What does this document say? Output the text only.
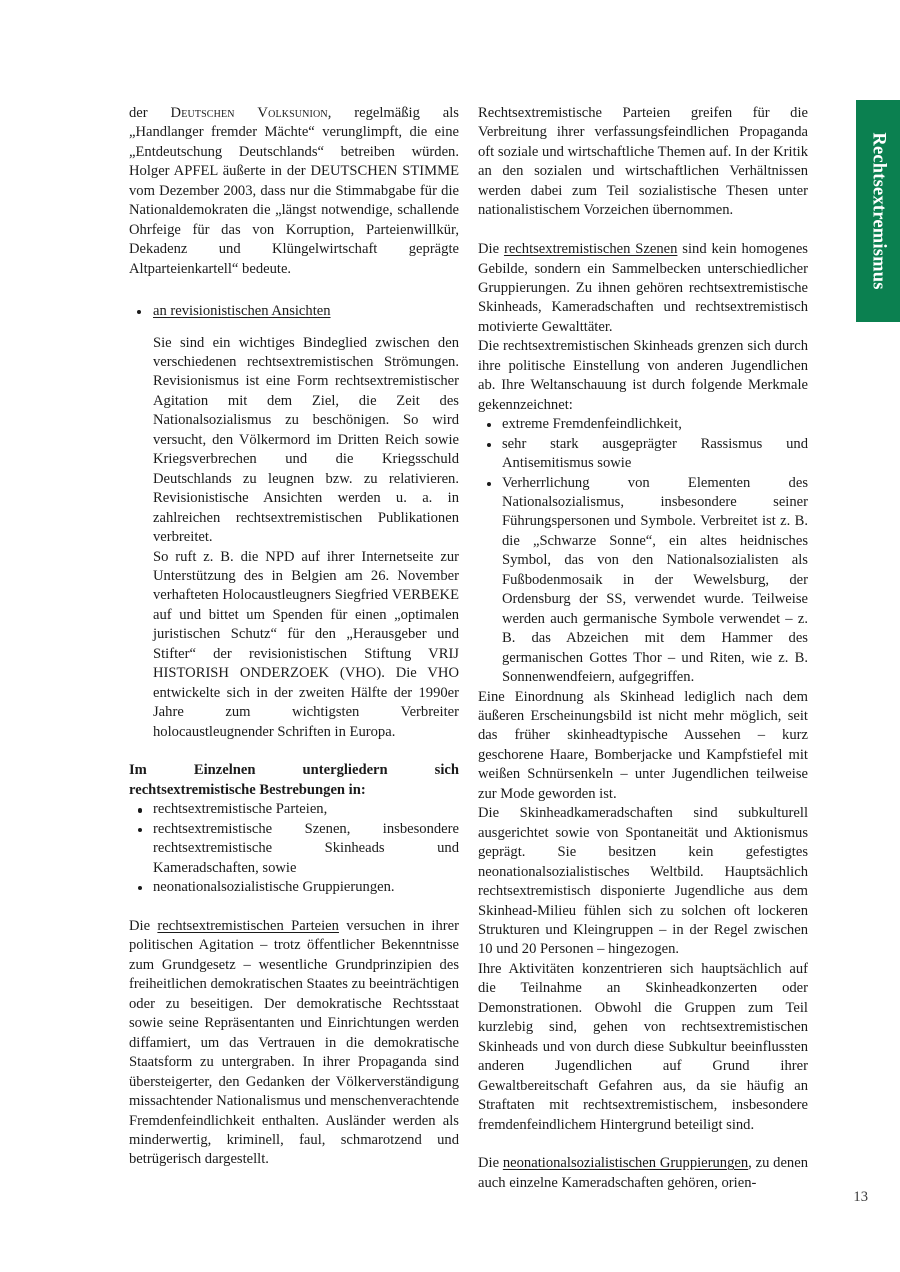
Rechtsextremismus

der Deutschen Volksunion, regelmäßig als „Handlanger fremder Mächte“ verunglimpft, die eine „Entdeutschung Deutschlands“ betreiben würden. Holger APFEL äußerte in der DEUTSCHEN STIMME vom Dezember 2003, dass nur die Stimmabgabe für die Nationaldemokraten die „längst notwendige, schallende Ohrfeige für das von Korruption, Parteienwillkür, Dekadenz und Klüngelwirtschaft geprägte Altparteienkartell“ bedeute.

an revisionistischen Ansichten

Sie sind ein wichtiges Bindeglied zwischen den verschiedenen rechtsextremistischen Strömungen. Revisionismus ist eine Form rechtsextremistischer Agitation mit dem Ziel, die Zeit des Nationalsozialismus zu beschönigen. So wird versucht, den Völkermord im Dritten Reich sowie Kriegsverbrechen und die Kriegsschuld Deutschlands zu leugnen bzw. zu relativieren. Revisionistische Ansichten werden u. a. in zahlreichen rechtsextremistischen Publikationen verbreitet.

So ruft z. B. die NPD auf ihrer Internetseite zur Unterstützung des in Belgien am 26. November verhafteten Holocaustleugners Siegfried VERBEKE auf und bittet um Spenden für einen „optimalen juristischen Schutz“ für den „Herausgeber und Stifter“ der revisionistischen Stiftung VRIJ HISTORISH ONDERZOEK (VHO). Die VHO entwickelte sich in der zweiten Hälfte der 1990er Jahre zum wichtigsten Verbreiter holocaustleugnender Schriften in Europa.

Im Einzelnen untergliedern sich rechtsextremistische Bestrebungen in:

rechtsextremistische Parteien,
rechtsextremistische Szenen, insbesondere rechtsextremistische Skinheads und Kameradschaften, sowie
neonationalsozialistische Gruppierungen.

Die rechtsextremistischen Parteien versuchen in ihrer politischen Agitation – trotz öffentlicher Bekenntnisse zum Grundgesetz – wesentliche Grundprinzipien des freiheitlichen demokratischen Staates zu beeinträchtigen oder zu beseitigen. Der demokratische Rechtsstaat sowie seine Repräsentanten und Einrichtungen werden diffamiert, um das Vertrauen in die demokratische Staatsform zu untergraben. In ihrer Propaganda sind übersteigerter, den Gedanken der Völkerverständigung missachtender Nationalismus und menschenverachtende Fremdenfeindlichkeit enthalten. Ausländer werden als minderwertig, kriminell, faul, schmarotzend und betrügerisch dargestellt.

Rechtsextremistische Parteien greifen für die Verbreitung ihrer verfassungsfeindlichen Propaganda oft soziale und wirtschaftliche Themen auf. In der Kritik an den sozialen und wirtschaftlichen Verhältnissen werden dabei zum Teil sozialistische Thesen unter nationalistischem Vorzeichen übernommen.

Die rechtsextremistischen Szenen sind kein homogenes Gebilde, sondern ein Sammelbecken unterschiedlicher Gruppierungen. Zu ihnen gehören rechtsextremistische Skinheads, Kameradschaften und rechtsextremistisch motivierte Gewalttäter.

Die rechtsextremistischen Skinheads grenzen sich durch ihre politische Einstellung von anderen Jugendlichen ab. Ihre Weltanschauung ist durch folgende Merkmale gekennzeichnet:

extreme Fremdenfeindlichkeit,
sehr stark ausgeprägter Rassismus und Antisemitismus sowie
Verherrlichung von Elementen des Nationalsozialismus, insbesondere seiner Führungspersonen und Symbole. Verbreitet ist z. B. die „Schwarze Sonne“, ein altes heidnisches Symbol, das von den Nationalsozialisten als Fußbodenmosaik in der Wewelsburg, der Ordensburg der SS, verwendet wurde. Teilweise werden auch germanische Symbole verwendet – z. B. das Abzeichen mit dem Hammer des germanischen Gottes Thor – und Riten, wie z. B. Sonnenwendfeiern, aufgegriffen.

Eine Einordnung als Skinhead lediglich nach dem äußeren Erscheinungsbild ist nicht mehr möglich, seit das früher skinheadtypische Aussehen – kurz geschorene Haare, Bomberjacke und Kampfstiefel mit weißen Schnürsenkeln – unter Jugendlichen teilweise zur Mode geworden ist.

Die Skinheadkameradschaften sind subkulturell ausgerichtet sowie von Spontaneität und Aktionismus geprägt. Sie besitzen kein gefestigtes neonationalsozialistisches Weltbild. Hauptsächlich rechtsextremistisch disponierte Jugendliche aus dem Skinhead-Milieu fühlen sich zu solchen oft lockeren Strukturen und Kleingruppen – in der Regel zwischen 10 und 20 Personen – hingezogen.

Ihre Aktivitäten konzentrieren sich hauptsächlich auf die Teilnahme an Skinheadkonzerten oder Demonstrationen. Obwohl die Gruppen zum Teil kurzlebig sind, gehen von rechtsextremistischen Skinheads und von durch diese Subkultur beeinflussten anderen Jugendlichen auf Grund ihrer Gewaltbereitschaft Gefahren aus, da sie häufig an Straftaten mit rechtsextremistischem, insbesondere fremdenfeindlichem Hintergrund beteiligt sind.

Die neonationalsozialistischen Gruppierungen, zu denen auch einzelne Kameradschaften gehören, orien-

13
